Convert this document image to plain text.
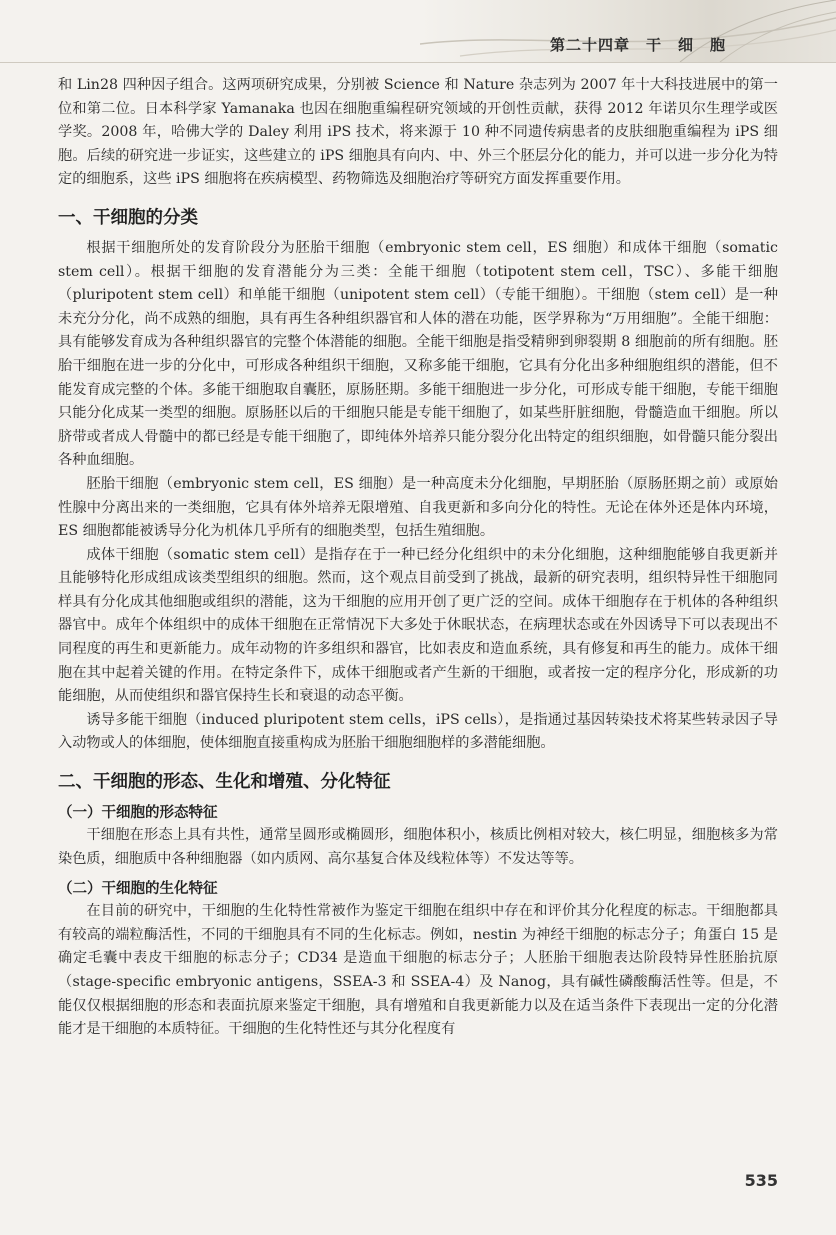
第二十四章　干　细　胞

和 Lin28 四种因子组合。这两项研究成果，分别被 Science 和 Nature 杂志列为 2007 年十大科技进展中的第一位和第二位。日本科学家 Yamanaka 也因在细胞重编程研究领域的开创性贡献，获得 2012 年诺贝尔生理学或医学奖。2008 年，哈佛大学的 Daley 利用 iPS 技术，将来源于 10 种不同遗传病患者的皮肤细胞重编程为 iPS 细胞。后续的研究进一步证实，这些建立的 iPS 细胞具有向内、中、外三个胚层分化的能力，并可以进一步分化为特定的细胞系，这些 iPS 细胞将在疾病模型、药物筛选及细胞治疗等研究方面发挥重要作用。

一、干细胞的分类

根据干细胞所处的发育阶段分为胚胎干细胞（embryonic stem cell，ES 细胞）和成体干细胞（somatic stem cell）。根据干细胞的发育潜能分为三类：全能干细胞（totipotent stem cell，TSC）、多能干细胞（pluripotent stem cell）和单能干细胞（unipotent stem cell）（专能干细胞）。干细胞（stem cell）是一种未充分分化，尚不成熟的细胞，具有再生各种组织器官和人体的潜在功能，医学界称为“万用细胞”。全能干细胞：具有能够发育成为各种组织器官的完整个体潜能的细胞。全能干细胞是指受精卵到卵裂期 8 细胞前的所有细胞。胚胎干细胞在进一步的分化中，可形成各种组织干细胞，又称多能干细胞，它具有分化出多种细胞组织的潜能，但不能发育成完整的个体。多能干细胞取自囊胚，原肠胚期。多能干细胞进一步分化，可形成专能干细胞，专能干细胞只能分化成某一类型的细胞。原肠胚以后的干细胞只能是专能干细胞了，如某些肝脏细胞，骨髓造血干细胞。所以脐带或者成人骨髓中的都已经是专能干细胞了，即纯体外培养只能分裂分化出特定的组织细胞，如骨髓只能分裂出各种血细胞。

胚胎干细胞（embryonic stem cell，ES 细胞）是一种高度未分化细胞，早期胚胎（原肠胚期之前）或原始性腺中分离出来的一类细胞，它具有体外培养无限增殖、自我更新和多向分化的特性。无论在体外还是体内环境，ES 细胞都能被诱导分化为机体几乎所有的细胞类型，包括生殖细胞。

成体干细胞（somatic stem cell）是指存在于一种已经分化组织中的未分化细胞，这种细胞能够自我更新并且能够特化形成组成该类型组织的细胞。然而，这个观点目前受到了挑战，最新的研究表明，组织特异性干细胞同样具有分化成其他细胞或组织的潜能，这为干细胞的应用开创了更广泛的空间。成体干细胞存在于机体的各种组织器官中。成年个体组织中的成体干细胞在正常情况下大多处于休眠状态，在病理状态或在外因诱导下可以表现出不同程度的再生和更新能力。成年动物的许多组织和器官，比如表皮和造血系统，具有修复和再生的能力。成体干细胞在其中起着关键的作用。在特定条件下，成体干细胞或者产生新的干细胞，或者按一定的程序分化，形成新的功能细胞，从而使组织和器官保持生长和衰退的动态平衡。

诱导多能干细胞（induced pluripotent stem cells，iPS cells），是指通过基因转染技术将某些转录因子导入动物或人的体细胞，使体细胞直接重构成为胚胎干细胞细胞样的多潜能细胞。

二、干细胞的形态、生化和增殖、分化特征
（一）干细胞的形态特征

干细胞在形态上具有共性，通常呈圆形或椭圆形，细胞体积小，核质比例相对较大，核仁明显，细胞核多为常染色质，细胞质中各种细胞器（如内质网、高尔基复合体及线粒体等）不发达等等。

（二）干细胞的生化特征

在目前的研究中，干细胞的生化特性常被作为鉴定干细胞在组织中存在和评价其分化程度的标志。干细胞都具有较高的端粒酶活性，不同的干细胞具有不同的生化标志。例如，nestin 为神经干细胞的标志分子；角蛋白 15 是确定毛囊中表皮干细胞的标志分子；CD34 是造血干细胞的标志分子；人胚胎干细胞表达阶段特异性胚胎抗原（stage-specific embryonic antigens，SSEA-3 和 SSEA-4）及 Nanog，具有碱性磷酸酶活性等。但是，不能仅仅根据细胞的形态和表面抗原来鉴定干细胞，具有增殖和自我更新能力以及在适当条件下表现出一定的分化潜能才是干细胞的本质特征。干细胞的生化特性还与其分化程度有

535
